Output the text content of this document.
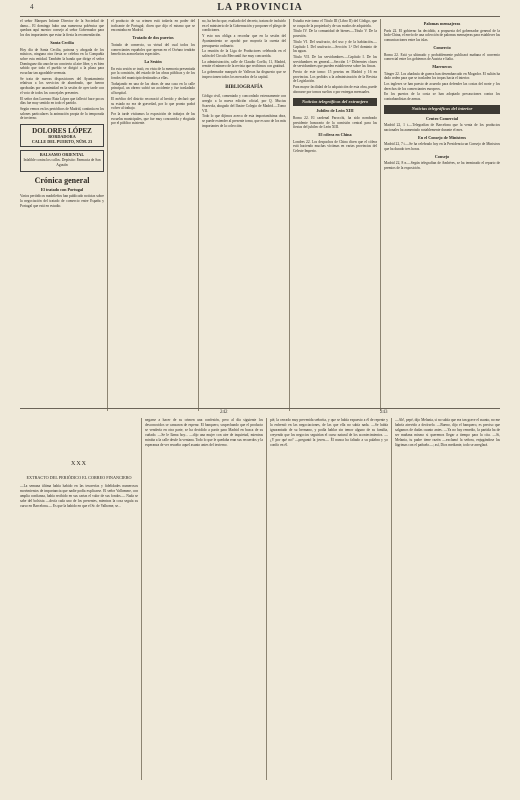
4	LA PROVINCIA
el señor Marques Infante Director de la Sociedad de dama... El domingo hubo una numerosa polémica que quedara aquí nuestro consejo al señor Gobernador para los dos importantes que estar la fiesta la recomendación.
Santa Cecilia
Hoy día de Santa Cecilia, patrona y abogada de los músicos, ninguna otra fiesta se celebra en la Compañía sobre esta entidad. También la banda que dirige el señor Domínguez dio anoche un concierto al aire libre, y es bien sabido que todo el pueblo se dirigió a la plaza para escuchar tan agradable serenata.
Se trata de nuevas disposiciones del Ayuntamiento relativas a los servicios de alumbrado, que fueron aprobadas por unanimidad en la sesión de ayer tarde con el voto de todos los concejales presentes.
El señor don Lorenzo Ruiz López que falleció hace pocos días fue muy sentido en todo el partido.
Según vemos en los periódicos de Madrid, continúa en los salones particulares la animación propia de la temporada de invierno.
DOLORES LÓPEZ
BORDADORA
CALLE DEL PUERTO, NÚM. 23
BALSAMO ORIENTAL
Infalible contra los callos. Depósito: Farmacia de San Agustín
Crónica general
El tratado con Portugal
Varios periódicos madrileños han publicado noticias sobre la negociación del tratado de comercio entre España y Portugal que está en estudio.
el producto de su crimen está todavía en poder del traficante de Portugal; dicen que dijo el mismo que se encontraba en Madrid.
Tratado de dos puertos
Tratado de comercio, su virtud del cual todos los comerciantes españoles que operan en el Océano tendrán beneficios arancelarios especiales.
La Sesión
En esta sesión se trató, en vista de la memoria presentada por la comisión, del estado de las obras públicas y de los fondos del municipio destinados a ellas.
Trabajando en una de las obras de una casa en la calle principal, un obrero sufrió un accidente y fue trasladado al hospital.
El médico del distrito reconoció al herido y declaró que su estado no era de gravedad, por lo que pronto podrá volver al trabajo.
Por la tarde visitamos la exposición de trabajos de las escuelas municipales, que fue muy concurrida y elogiada por el público asistente.
no, ha hecho que, exaltado del decreto, tratara de incluirlo en el ministerio de la Gobernación y proponer el pliego de condiciones.
Y esto nos obliga a recordar que en la sesión del Ayuntamiento se aprobó por mayoría la cuenta del presupuesto ordinario.
La reunión de la Liga de Productores celebrada en el salón del Círculo Mercantil fue muy concurrida.
La administración, calle de Claudio Coello, 11, Madrid, remite el número de la revista que recibimos con gratitud.
La gobernador marqués de Vallecas ha dispuesto que se inspeccionen todos los mercados de la capital.
BIBLIOGRAFÍA
Código civil, comentado y concordado extensamente con arreglo a la nueva edición oficial, por Q. Mucius Scaevola, abogado del Ilustre Colegio de Madrid.—Tomo VII.
Todo lo que dijimos acerca de esta importantísima obra, se puede extender al presente tomo, que es uno de los más importantes de la colección.
Estudia este tomo el Título III (Libro II) del Código, que se ocupa de la propiedad y de sus modos de adquirirla.
Título IV. De la comunidad de bienes.—Título V. De la posesión.
Título VI. Del usufructo, del uso y de la habitación.—Capítulo I. Del usufructo.—Sección 1.ª Del dominio de las aguas.
Título VII. De las servidumbres.—Capítulo I. De las servidumbres en general.—Sección 1.ª Diferentes clases de servidumbres que pueden establecerse sobre las fincas.
Precio de este tomo: 15 pesetas en Madrid y 16 en provincias. Los pedidos a la administración de la Revista de Legislación.
Para mayor facilidad de la adquisición de esta obra, puede abonarse por tomos sueltos o por entregas mensuales.
Noticias telegráficas del extranjero
Jubileo de León XIII
Roma 22. El cardenal Parocchi, ha sido nombrado presidente honorario de la comisión central para las fiestas del jubileo de León XIII.
El cólera en China
Londres 22. Los despachos de China dicen que el cólera está haciendo muchas víctimas en varias provincias del Celeste Imperio.
Palomas mensajeras
París 22. El gobierno ha decidido, a propuesta del gobernador general de la Indo-China, el envío de una colección de palomas mensajeras para establecer las comunicaciones entre las islas.
Comercio
Roma 22. Está ya ultimado y probablemente publicará mañana el convenio comercial entre los gobiernos de Austria e Italia.
Marruecos
Tánger 22. Los ahadasía de guerra han desembarcado en Mogador. El sultán ha dado orden para que se trasladen los tropas hacia el interior.
Los ingleses se han puesto de acuerdo para defender las costas del norte y los derechos de los comerciantes europeos.
En los puertos de la costa se han adoptado precauciones contra los contrabandistas de armas.
Noticias telegráficas del interior
Centro Comercial
Madrid 22, 1 t.—Telegrafían de Barcelona que la venta de los productos nacionales ha aumentado notablemente durante el mes.
En el Consejo de Ministros
Madrid 22, 7 t.—Se ha celebrado hoy en la Presidencia un Consejo de Ministros que ha durado tres horas.
Consejo
Madrid 22, 8 n.—Según telegrafían de Ambéres, se ha terminado el reparto de premios de la exposición.
242	243
XXX
EXTRACTO DEL PERIÓDICO EL CORREO FINANCIERO
—La semana última había habido en las tesorerías y fidelidades numerosos movimientos de importancia que nadie podía explicarse. El señor Vallomme, con amplia confianza, había recibido en sus cartas el valor de sus fondos.— Nada se sabe del bolsista —decía cada uno de los presentes, mientras la cosa seguía su curso en Barcelona.— Es que la habido en que el Sr. de Valhome, se...
negarse a hacer de su crimen una confesión, pero al día siguiente los desconocidos se cansaron de esperar. El banquero, sospechando que el producto se vendería en otra parte, se ha decidido a partir para Madrid en busca de su cuñado. —Se le llama hoy... —dijo una mujer con aire de inquietud, mientras miraba a la calle desde la ventana. Todo lo que le quedaba eran sus recuerdos y la esperanza de ver resuelto aquel asunto antes del invierno.
pié, la cerrado muy prevenida señorita, y que se había expuesto a él de repente y la enfrentó en las negociaciones, de las que ella no sabía nada. —Se había ignorantado de su hermano, y podía hablar sin temor alguno de su familia, creyendo que los negocios seguirían el curso natural de los acontecimientos. —¿Y por qué no? —preguntó la joven—. Él nunca ha faltado a su palabra y yo confío en él.
—Ah!, pepé, dijo Melania, si no sabía que era tan grave el asunto, no me habría atrevido a decírselo. —Bueno, dijo el banquero, es preciso que salgamos de dudas cuanto antes. —Ya no hay remedio, la partida ha de ser mañana mismo si queremos llegar a tiempo para la cita. —Si, Melania, tu padre tiene razón —exclamó la señora, enjugándose las lágrimas con el pañuelo—; así, Dios mediante, todo se arreglará.
